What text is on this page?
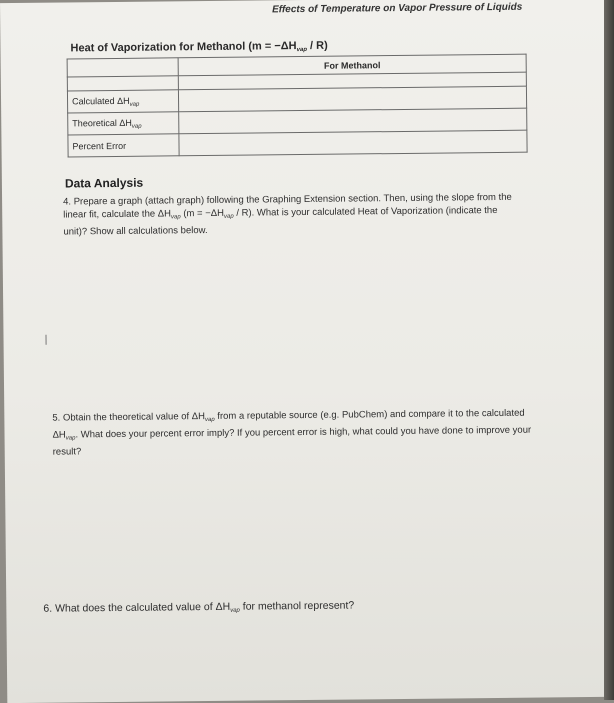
Effects of Temperature on Vapor Pressure of Liquids
Heat of Vaporization for Methanol $(m = -\Delta H_{vap} / R)$
	For Methanol

Calculated $\Delta H_{vap}$	
Theoretical $\Delta H_{vap}$	
Percent Error	
Data Analysis
4. Prepare a graph (attach graph) following the Graphing Extension section. Then, using the slope from the linear fit, calculate the $\Delta H_{vap}$ $(m = -\Delta H_{vap} / R)$. What is your calculated Heat of Vaporization (indicate the unit)? Show all calculations below.
5. Obtain the theoretical value of $\Delta H_{vap}$ from a reputable source (e.g. PubChem) and compare it to the calculated $\Delta H_{vap}$. What does your percent error imply? If you percent error is high, what could you have done to improve your result?
6. What does the calculated value of $\Delta H_{vap}$ for methanol represent?
